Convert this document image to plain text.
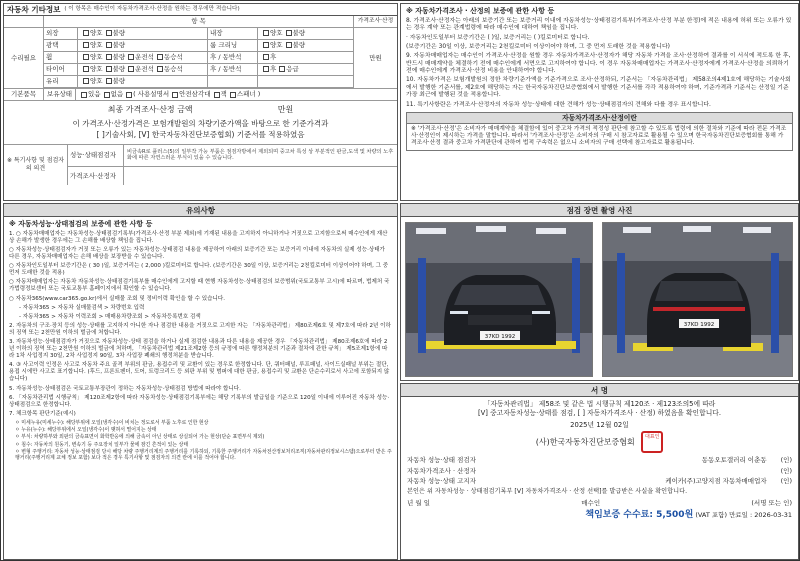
자동차 기타정보 ( 이 항목은 매수인이 자동차가격조사·산정을 원하는 경우에만 적습니다)
수리필요
항 목
외장	양호 불량	내장	양호 불량
광택	양호 불량	룸 크리닝	양호 불량
휠	양호 불량 운전석 동승석	후 / 동반석	후
타이어	양호 불량 운전석 동승석	후 / 동반석	후 응급
유리	양호 불량
가격조사·산정
만원
기본품목	보유상태	있음 없음 ( 사용설명서 안전삼각대 잭 스패너 )
최종 가격조사·산정 금액	만원
이 가격조사·산정가격은 보험개발원의 차량기준가액을 바탕으로 한 기준가격과
[ ]기술사회, [V] 한국자동차진단보증협회) 기준서를 적용하였음
※ 특기사항 및 점검자의 의견
성능·상태점검자	비금속R로 플러스(5)의 일부작 가능 부품은 점검자방에서 제외되며 중고차 특성 상 부분적인 판금,도색 및 차량의 노후화에 따른 자연스러운 부식이 있을 수 있습니다.
가격조사·산정자
※ 자동차가격조사 · 산정의 보증에 관한 사항 등

8. 가격조사·산정자는 아래의 보증기간 또는 보증거리 이내에 자동차성능·상태점검기록부(가격조사·산정 부분 한정)에 적은 내용에 허위 또는 오류가 있는 경우 계약 또는 관계법령에 따라 매수인에 대하여 책임을 집니다.

· 자동차인도일부터 보증기간은 ( )일, 보증거리는 ( )킬로미터로 합니다.

(보증기간은 30일 이상, 보증거리는 2천킬로미터 이상이어야 하며, 그 중 먼저 도래한 것을 적용합니다)

9. 자동차매매업자는 매수인이 가격조사·산정을 원할 경우 자동차가격조사·산정자가 해당 자동차 가격을 조사·산정하여 결과를 이 서식에 적도록 한 후, 반드시 매매계약을 체결하기 전에 매수인에게 서면으로 고지하여야 합니다. 이 경우 자동차매매업자는 가격조사·산정자에게 가격조사·산정을 의뢰하기 전에 매수인에게 가격조사·산정 비용을 안내하여야 합니다.

10. 자동차가격은 보험개발원의 정한 차량기준가액을 기준가격으로 조사·산정하되, 기준서는 「자동차관리법」 제58조의4제1호에 해당하는 기술사회에서 발행한 기준서를, 제2호에 해당하는 자는 한국자동차진단보증협회에서 발행한 기준서를 각각 적용하여야 하며, 기준가격과 기준서는 산정일 기준 가장 최근에 발행된 것을 적용합니다.

11. 특기사항란은 가격조사·산정자의 자동차 성능·상태에 대한 견해가 성능·상태점검자의 견해와 다를 경우 표시합니다.

자동차가격조사·산정이란
※ '가격조사·산정'은 소비자가 매매계약을 체결함에 있어 중고차 가격의 적정성 판단에 참고할 수 있도록 법령에 의한 절차와 기준에 따라 전문 가격조사·산정인이 제시하는 가격을 말합니다. 따라서 '가격조사·산정'은 소비자의 구매 시 참고자료로 활용될 수 있으며 한국자동차진단보증협회를 통해 가격조사·산정 결과 중고차 가격판단에 관하여 법적 구속력은 없으니 소비자의 구매 선택에 참고자료로 활용됩니다.
유의사항
※ 자동차성능·상태점검의 보증에 관한 사항 등

1. ○ 자동차매매업자는 자동차성능·상태점검기록부(가격조사·산정 부분 제외)에 기재된 내용을 고지하지 아니하거나 거짓으로 고지함으로써 매수인에게 재산상 손해가 발생한 경우에는 그 손해를 배상할 책임을 집니다.

○ 자동차성능·상태점검자가 거짓 또는 오류가 있는 자동차성능·상태점검 내용을 제공하여 아래의 보증기간 또는 보증거리 이내에 자동차의 실제 성능·상태가 다른 경우, 자동차매매업자는 손해 배상을 보장받을 수 있습니다.

○ 자동차인도일부터 보증기간은 ( 30 )일, 보증거리는 ( 2,000 )킬로미터로 합니다. (보증기간은 30일 이상, 보증거리는 2천킬로미터 이상이어야 하며, 그 중 먼저 도래한 것을 적용)

○ 자동차매매업자는 자동차 자동차성능·상태점검기록부를 매수인에게 고지할 때 현행 자동차성능·상태점검의 보증범위(국토교통부 고시)에 따르며, 법제처 국가법령정보센터 또는 국토교통부 홈페이지에서 확인할 수 있습니다.

○ 자동차365(www.car365.go.kr)에서 실매물 조회 및 정비이력 확인을 할 수 있습니다.

- 자동차365 > 자동차 실매물검색 > 차량번호 입력

- 자동차365 > 자동차 이력조회 > 매매용차량조회 > 자동차등록번호 검색

2. 자동차의 구조·장치 등의 성능·상태를 고지하지 아니한 자나 점검한 내용을 거짓으로 고지한 자는 「자동차관리법」 제80조제6호 및 제7호에 따라 2년 이하의 징역 또는 2천만원 이하의 벌금에 처합니다.

3. 자동차성능·상태점검자가 거짓으로 자동차성능·상태 점검을 하거나 실제 점검한 내용과 다른 내용을 제공한 경우 「자동차관리법」 제80조제6호에 따라 2년 이하의 징역 또는 2천만원 이하의 벌금에 처하며, 「자동차관리법 제21조제2항 등의 규정에 따른 행정처분의 기준과 절차에 관한 규칙」 제5조제1항에 따라 1차 사업정지 30일, 2차 사업정지 90일, 3차 사업장 폐쇄의 행정처분을 받습니다.

4. ③ 사고이력 인정은 사고로 자동차 주요 골격 부위의 판금, 용접수리 및 교환이 있는 경우로 한정합니다. 단, 쿼터패널, 루프패널, 사이드실패널 부위는 절단, 용접 시에만 사고로 표기합니다. (후드, 프론트펜더, 도어, 트렁크리드 등 외판 부위 및 범퍼에 대한 판금, 용접수리 및 교환은 단순수리로서 사고에 포함되지 않습니다)

5. 자동차성능·상태점검은 국토교통부장관이 정하는 자동차성능·상태점검 방법에 따라야 합니다.

6. 「자동차관리법 시행규칙」 제120조제2항에 따라 자동차성능·상태점검기록부에는 해당 기록부의 발급일을 기준으로 120일 이내에 이루어진 자동차 성능·상태점검으로 한정합니다.

7. 체크항목 판단기준(예시)

ㅇ 미세누유(미세누수): 해당부위에 오일(냉각수)이 비치는 정도로서 부품 노후로 인한 현상

ㅇ 누유(누수): 해당부위에서 오일(냉각수)이 맺혀서 떨어지는 상태

ㅇ 부식: 차량하부와 외판의 금속표면이 화학반응에 의해 금속이 아닌 상태로 상실되어 가는 현상(단순 표면부식 제외)

ㅇ 침수: 자동차의 원동기, 변속기 등 주요장치 일부가 물에 잠긴 흔적이 있는 상태

ㅇ 변형 주행거리: 자동차 성능·상태점검 당시 해당 차량 주행거리계의 주행거리를 기록하되, 기록한 주행거리가 자동차전산정보처리조직(자동차관리정보시스템)으로부터 받은 주행거리(주행거리계 교체 정보 포함) 보다 적은 경우 특기사항 및 점검자의 의견 란에 이를 적어야 합니다.

점검 장면 촬영 사진
37KD 1992
37KD 1992
서 명
「자동차관리법」 제58조 및 같은 법 시행규칙 제120조 · 제123조의5에 따라
[V] 중고자동차성능·상태를 점검, [ ] 자동차가격조사 · 산정) 하였음을 확인합니다.
2025년 12월 02일
(사)한국자동차진단보증협회 대표인
자동차 성능·상태 점검자	동동오토갤러리 이춘동 (인)
자동차가격조사 · 산정자	(인)
자동차 성능·상태 고지자	케이카(주)고양지점 자동차매매업자 (인)
본인은 위 자동차성능 · 상태점검기록부 [V] 자동차가격조사 · 산정 선택]를 발급받은 사실을 확인합니다.
년 월 일	매수인	(서명 또는 인)
책임보증 수수료: 5,500원 (VAT 포함) 만료일 : 2026-03-31
